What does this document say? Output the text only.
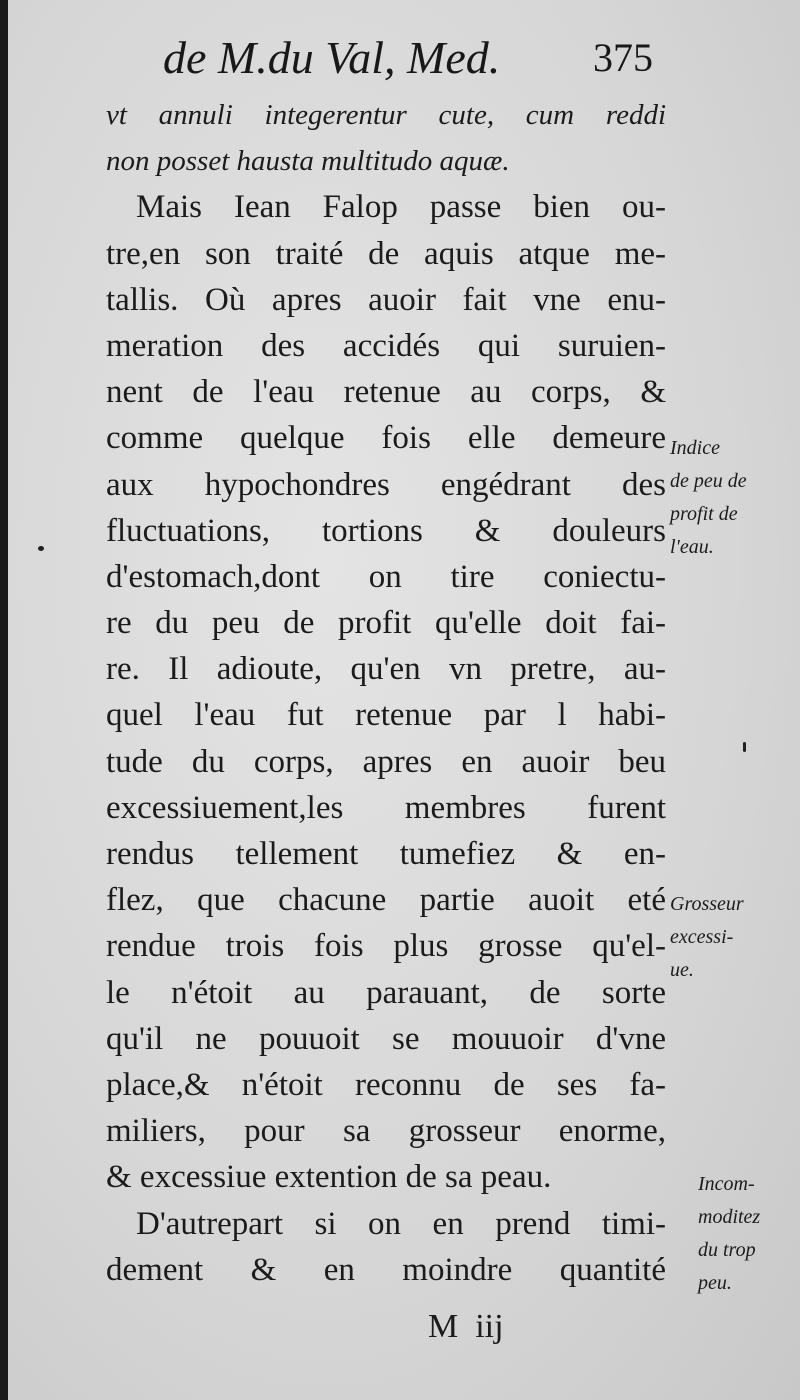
de M.du Val, Med. 375
vt annuli integerentur cute, cum reddi
non posset hausta multitudo aquæ.
Mais Iean Falop passe bien ou-
tre,en son traité de aquis atque me-
tallis. Où apres auoir fait vne enu-
meration des accidés qui suruien-
nent de l'eau retenue au corps, &
comme quelque fois elle demeure
aux hypochondres engédrant des
fluctuations, tortions & douleurs
d'estomach,dont on tire coniectu-
re du peu de profit qu'elle doit fai-
re. Il adioute, qu'en vn pretre, au-
quel l'eau fut retenue par l habi-
tude du corps, apres en auoir beu
excessiuement,les membres furent
rendus tellement tumefiez & en-
flez, que chacune partie auoit eté
rendue trois fois plus grosse qu'el-
le n'étoit au parauant, de sorte
qu'il ne pouuoit se mouuoir d'vne
place,& n'étoit reconnu de ses fa-
miliers, pour sa grosseur enorme,
& excessiue extention de sa peau.
D'autrepart si on en prend timi-
dement & en moindre quantité
Indice
de peu de
profit de
l'eau.
Grosseur
excessi-
ue.
Incom-
moditez
du trop
peu.
M  iij
